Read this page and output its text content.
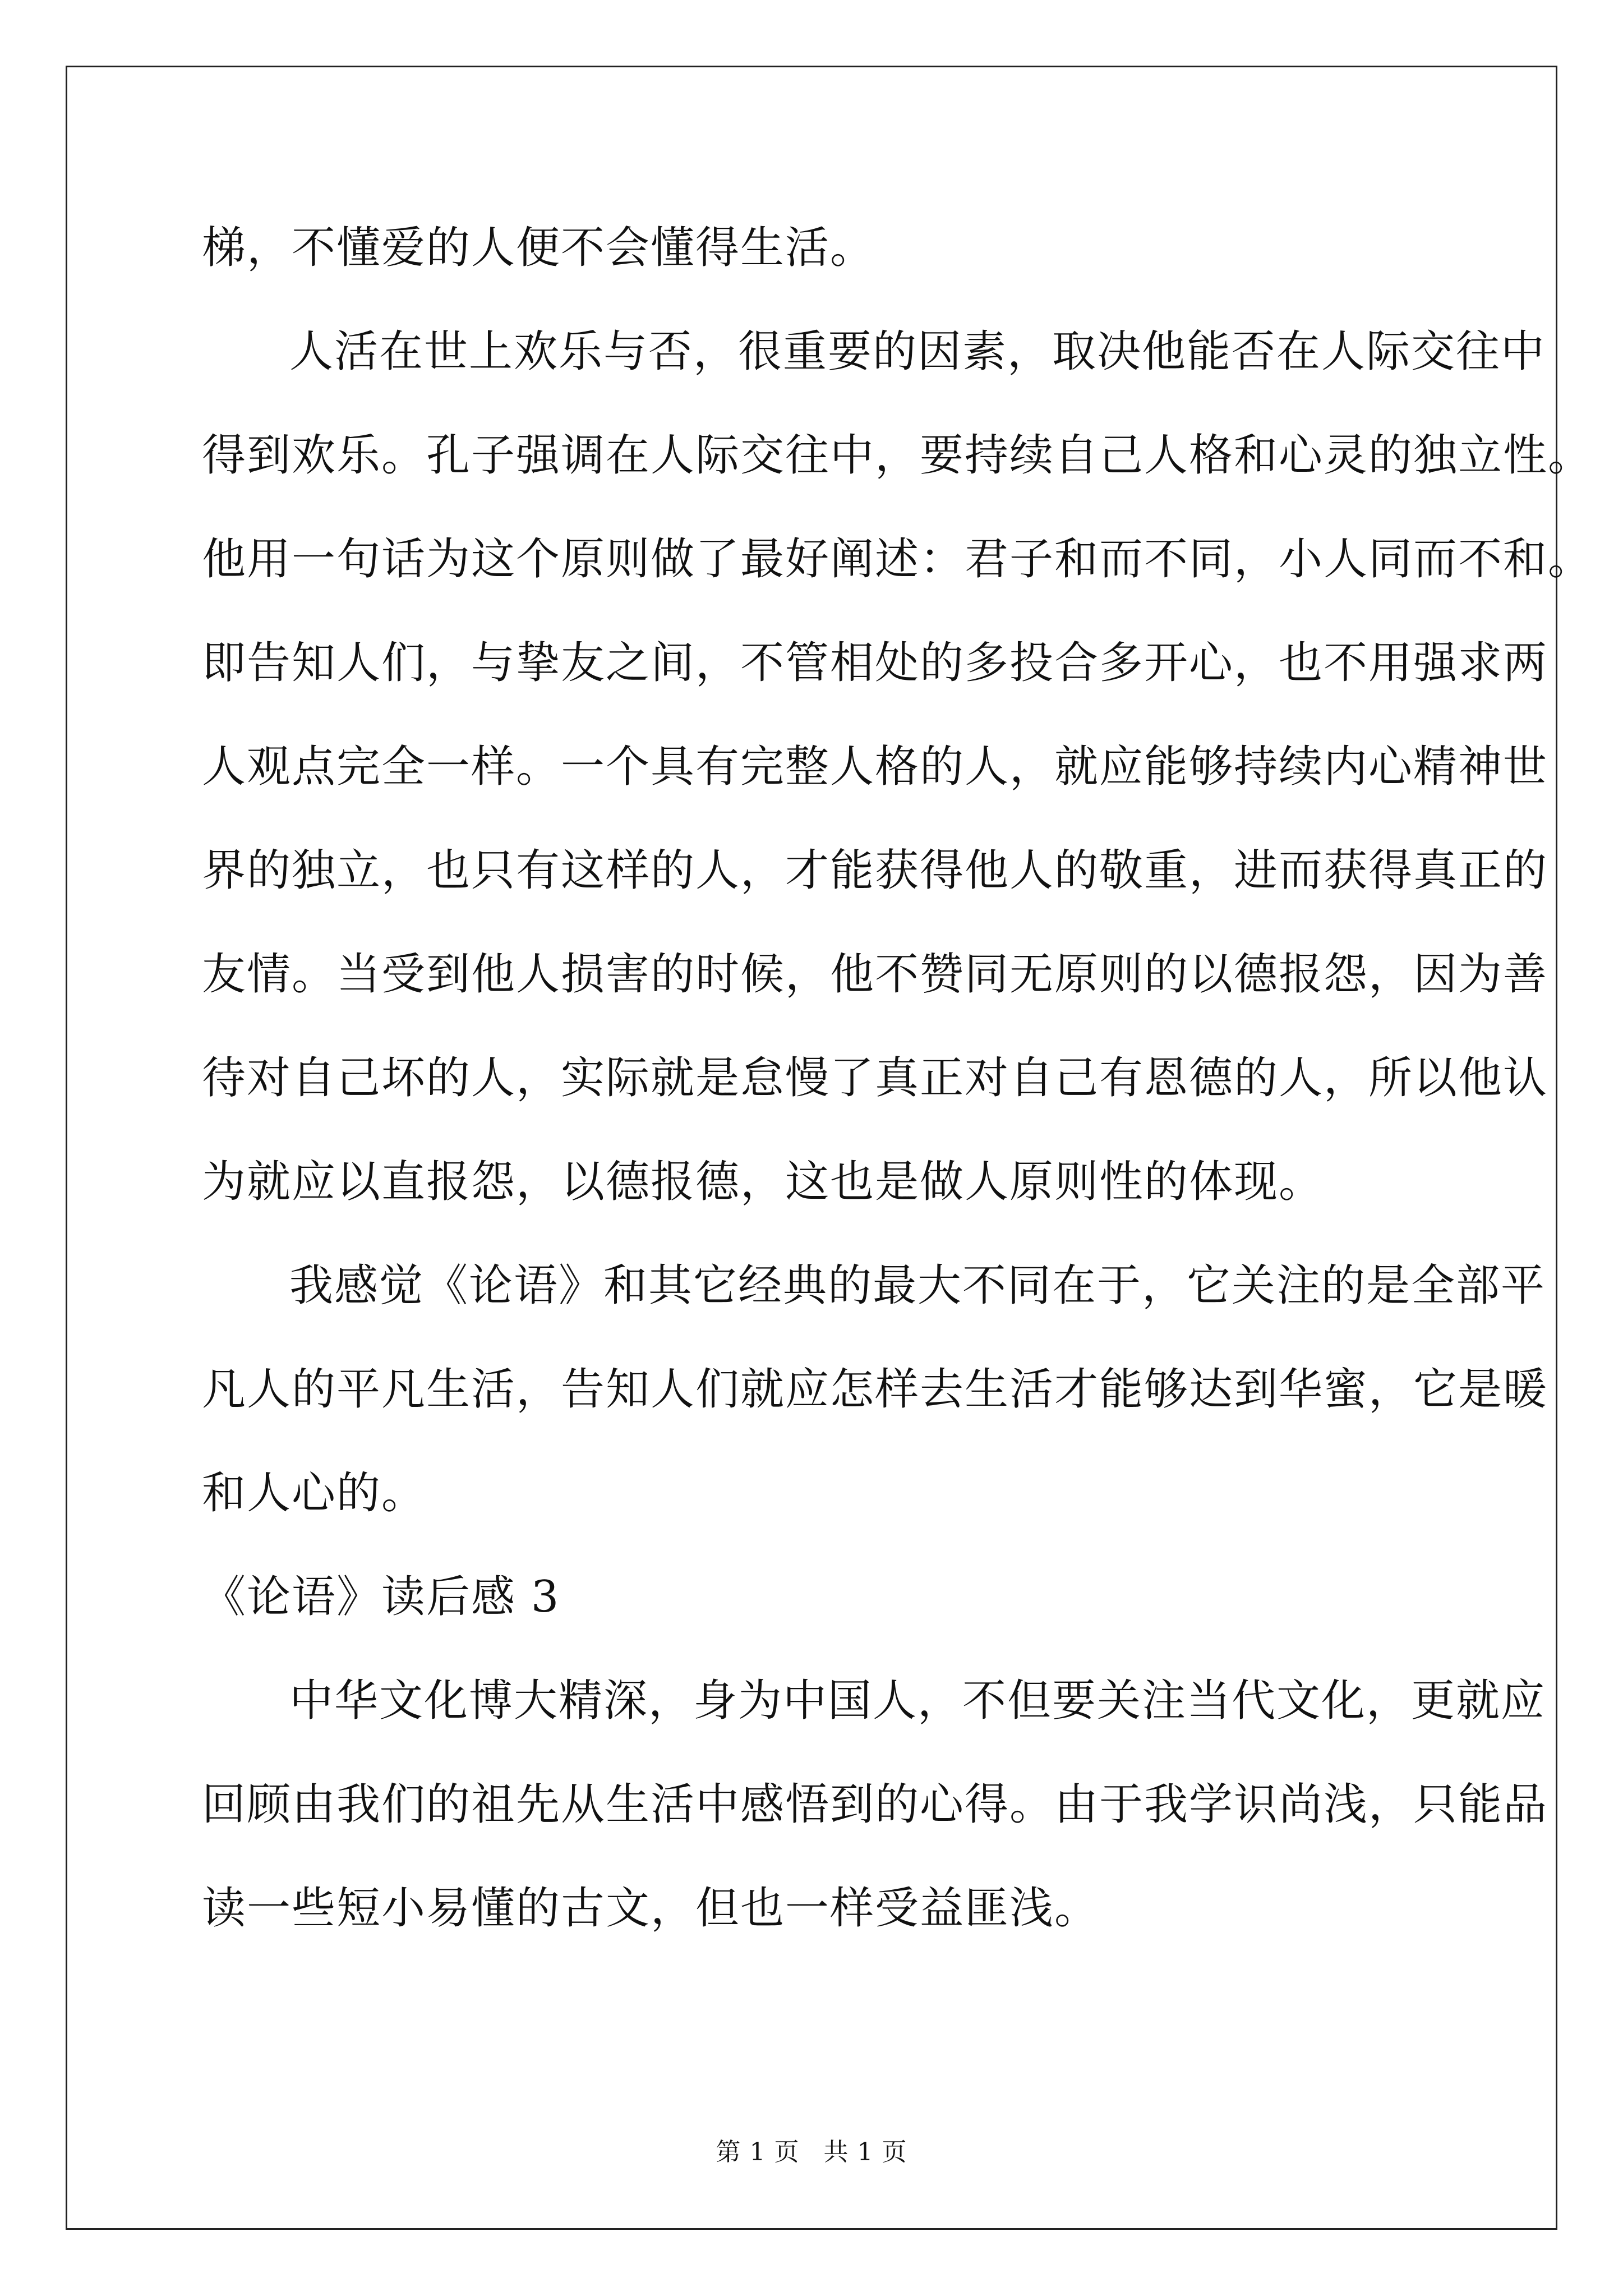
梯，不懂爱的人便不会懂得生活。
人活在世上欢乐与否，很重要的因素，取决他能否在人际交往中
得到欢乐。孔子强调在人际交往中，要持续自己人格和心灵的独立性。
他用一句话为这个原则做了最好阐述：君子和而不同，小人同而不和。
即告知人们，与挚友之间，不管相处的多投合多开心，也不用强求两
人观点完全一样。一个具有完整人格的人，就应能够持续内心精神世
界的独立，也只有这样的人，才能获得他人的敬重，进而获得真正的
友情。当受到他人损害的时候，他不赞同无原则的以德报怨，因为善
待对自己坏的人，实际就是怠慢了真正对自己有恩德的人，所以他认
为就应以直报怨，以德报德，这也是做人原则性的体现。
我感觉《论语》和其它经典的最大不同在于，它关注的是全部平
凡人的平凡生活，告知人们就应怎样去生活才能够达到华蜜，它是暖
和人心的。
《论语》读后感 3
中华文化博大精深，身为中国人，不但要关注当代文化，更就应
回顾由我们的祖先从生活中感悟到的心得。由于我学识尚浅，只能品
读一些短小易懂的古文，但也一样受益匪浅。
第 1 页 共 1 页
